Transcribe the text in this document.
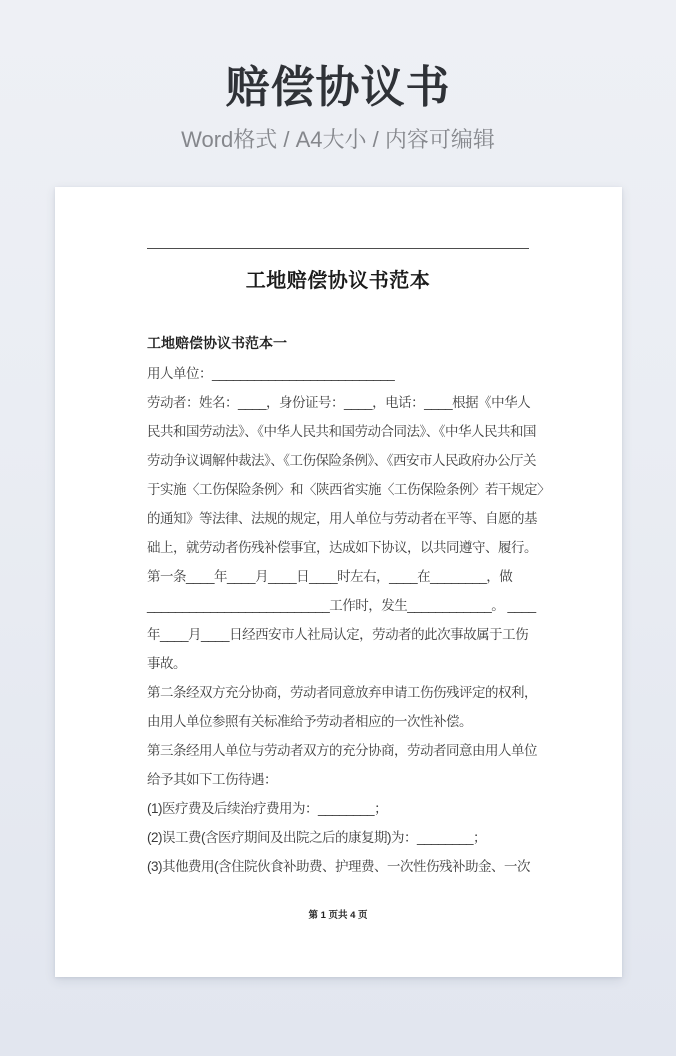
赔偿协议书
Word格式 / A4大小 / 内容可编辑
工地赔偿协议书范本
工地赔偿协议书范本一
用人单位：__________________________
劳动者：姓名：____，身份证号：____，电话：____根据《中华人
民共和国劳动法》、《中华人民共和国劳动合同法》、《中华人民共和国
劳动争议调解仲裁法》、《工伤保险条例》、《西安市人民政府办公厅关
于实施〈工伤保险条例〉和〈陕西省实施〈工伤保险条例〉若干规定〉
的通知》等法律、法规的规定，用人单位与劳动者在平等、自愿的基
础上，就劳动者伤残补偿事宜，达成如下协议，以共同遵守、履行。
第一条____年____月____日____时左右，____在________，做
__________________________工作时，发生____________。 ____
年____月____日经西安市人社局认定，劳动者的此次事故属于工伤
事故。
第二条经双方充分协商，劳动者同意放弃申请工伤伤残评定的权利，
由用人单位参照有关标准给予劳动者相应的一次性补偿。
第三条经用人单位与劳动者双方的充分协商，劳动者同意由用人单位
给予其如下工伤待遇：
(1)医疗费及后续治疗费用为：________；
(2)误工费(含医疗期间及出院之后的康复期)为：________；
(3)其他费用(含住院伙食补助费、护理费、一次性伤残补助金、一次
第 1 页共 4 页
